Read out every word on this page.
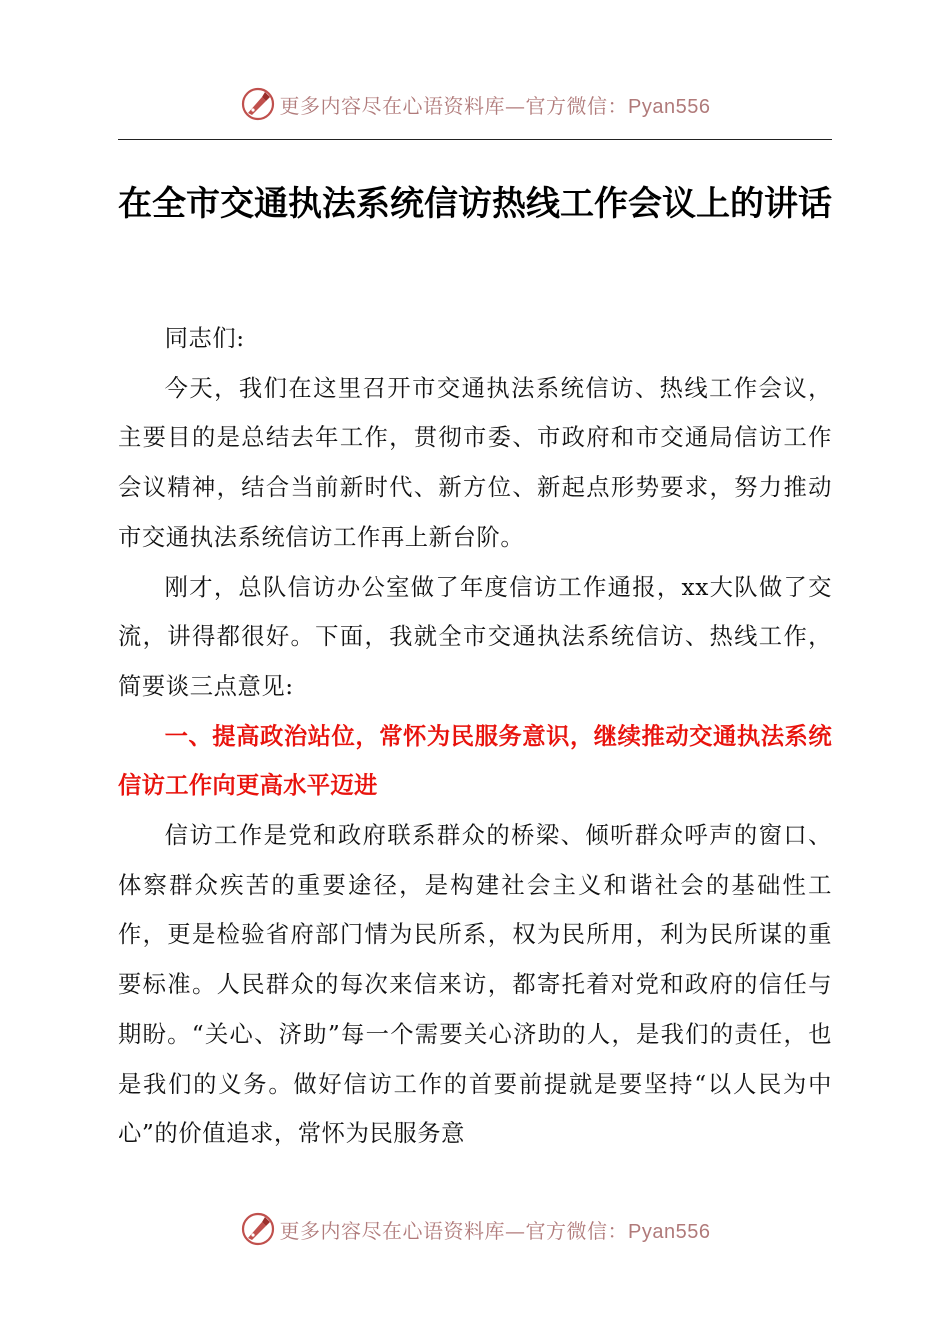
更多内容尽在心语资料库—官方微信：Pyan556
在全市交通执法系统信访热线工作会议上的讲话

同志们:

今天，我们在这里召开市交通执法系统信访、热线工作会议，主要目的是总结去年工作，贯彻市委、市政府和市交通局信访工作会议精神，结合当前新时代、新方位、新起点形势要求，努力推动市交通执法系统信访工作再上新台阶。

刚才，总队信访办公室做了年度信访工作通报，xx大队做了交流，讲得都很好。下面，我就全市交通执法系统信访、热线工作，简要谈三点意见:

一、提高政治站位，常怀为民服务意识，继续推动交通执法系统信访工作向更高水平迈进

信访工作是党和政府联系群众的桥梁、倾听群众呼声的窗口、体察群众疾苦的重要途径，是构建社会主义和谐社会的基础性工作，更是检验省府部门情为民所系，权为民所用，利为民所谋的重要标准。人民群众的每次来信来访，都寄托着对党和政府的信任与期盼。“关心、济助”每一个需要关心济助的人，是我们的责任，也是我们的义务。做好信访工作的首要前提就是要坚持“以人民为中心”的价值追求，常怀为民服务意

更多内容尽在心语资料库—官方微信：Pyan556
